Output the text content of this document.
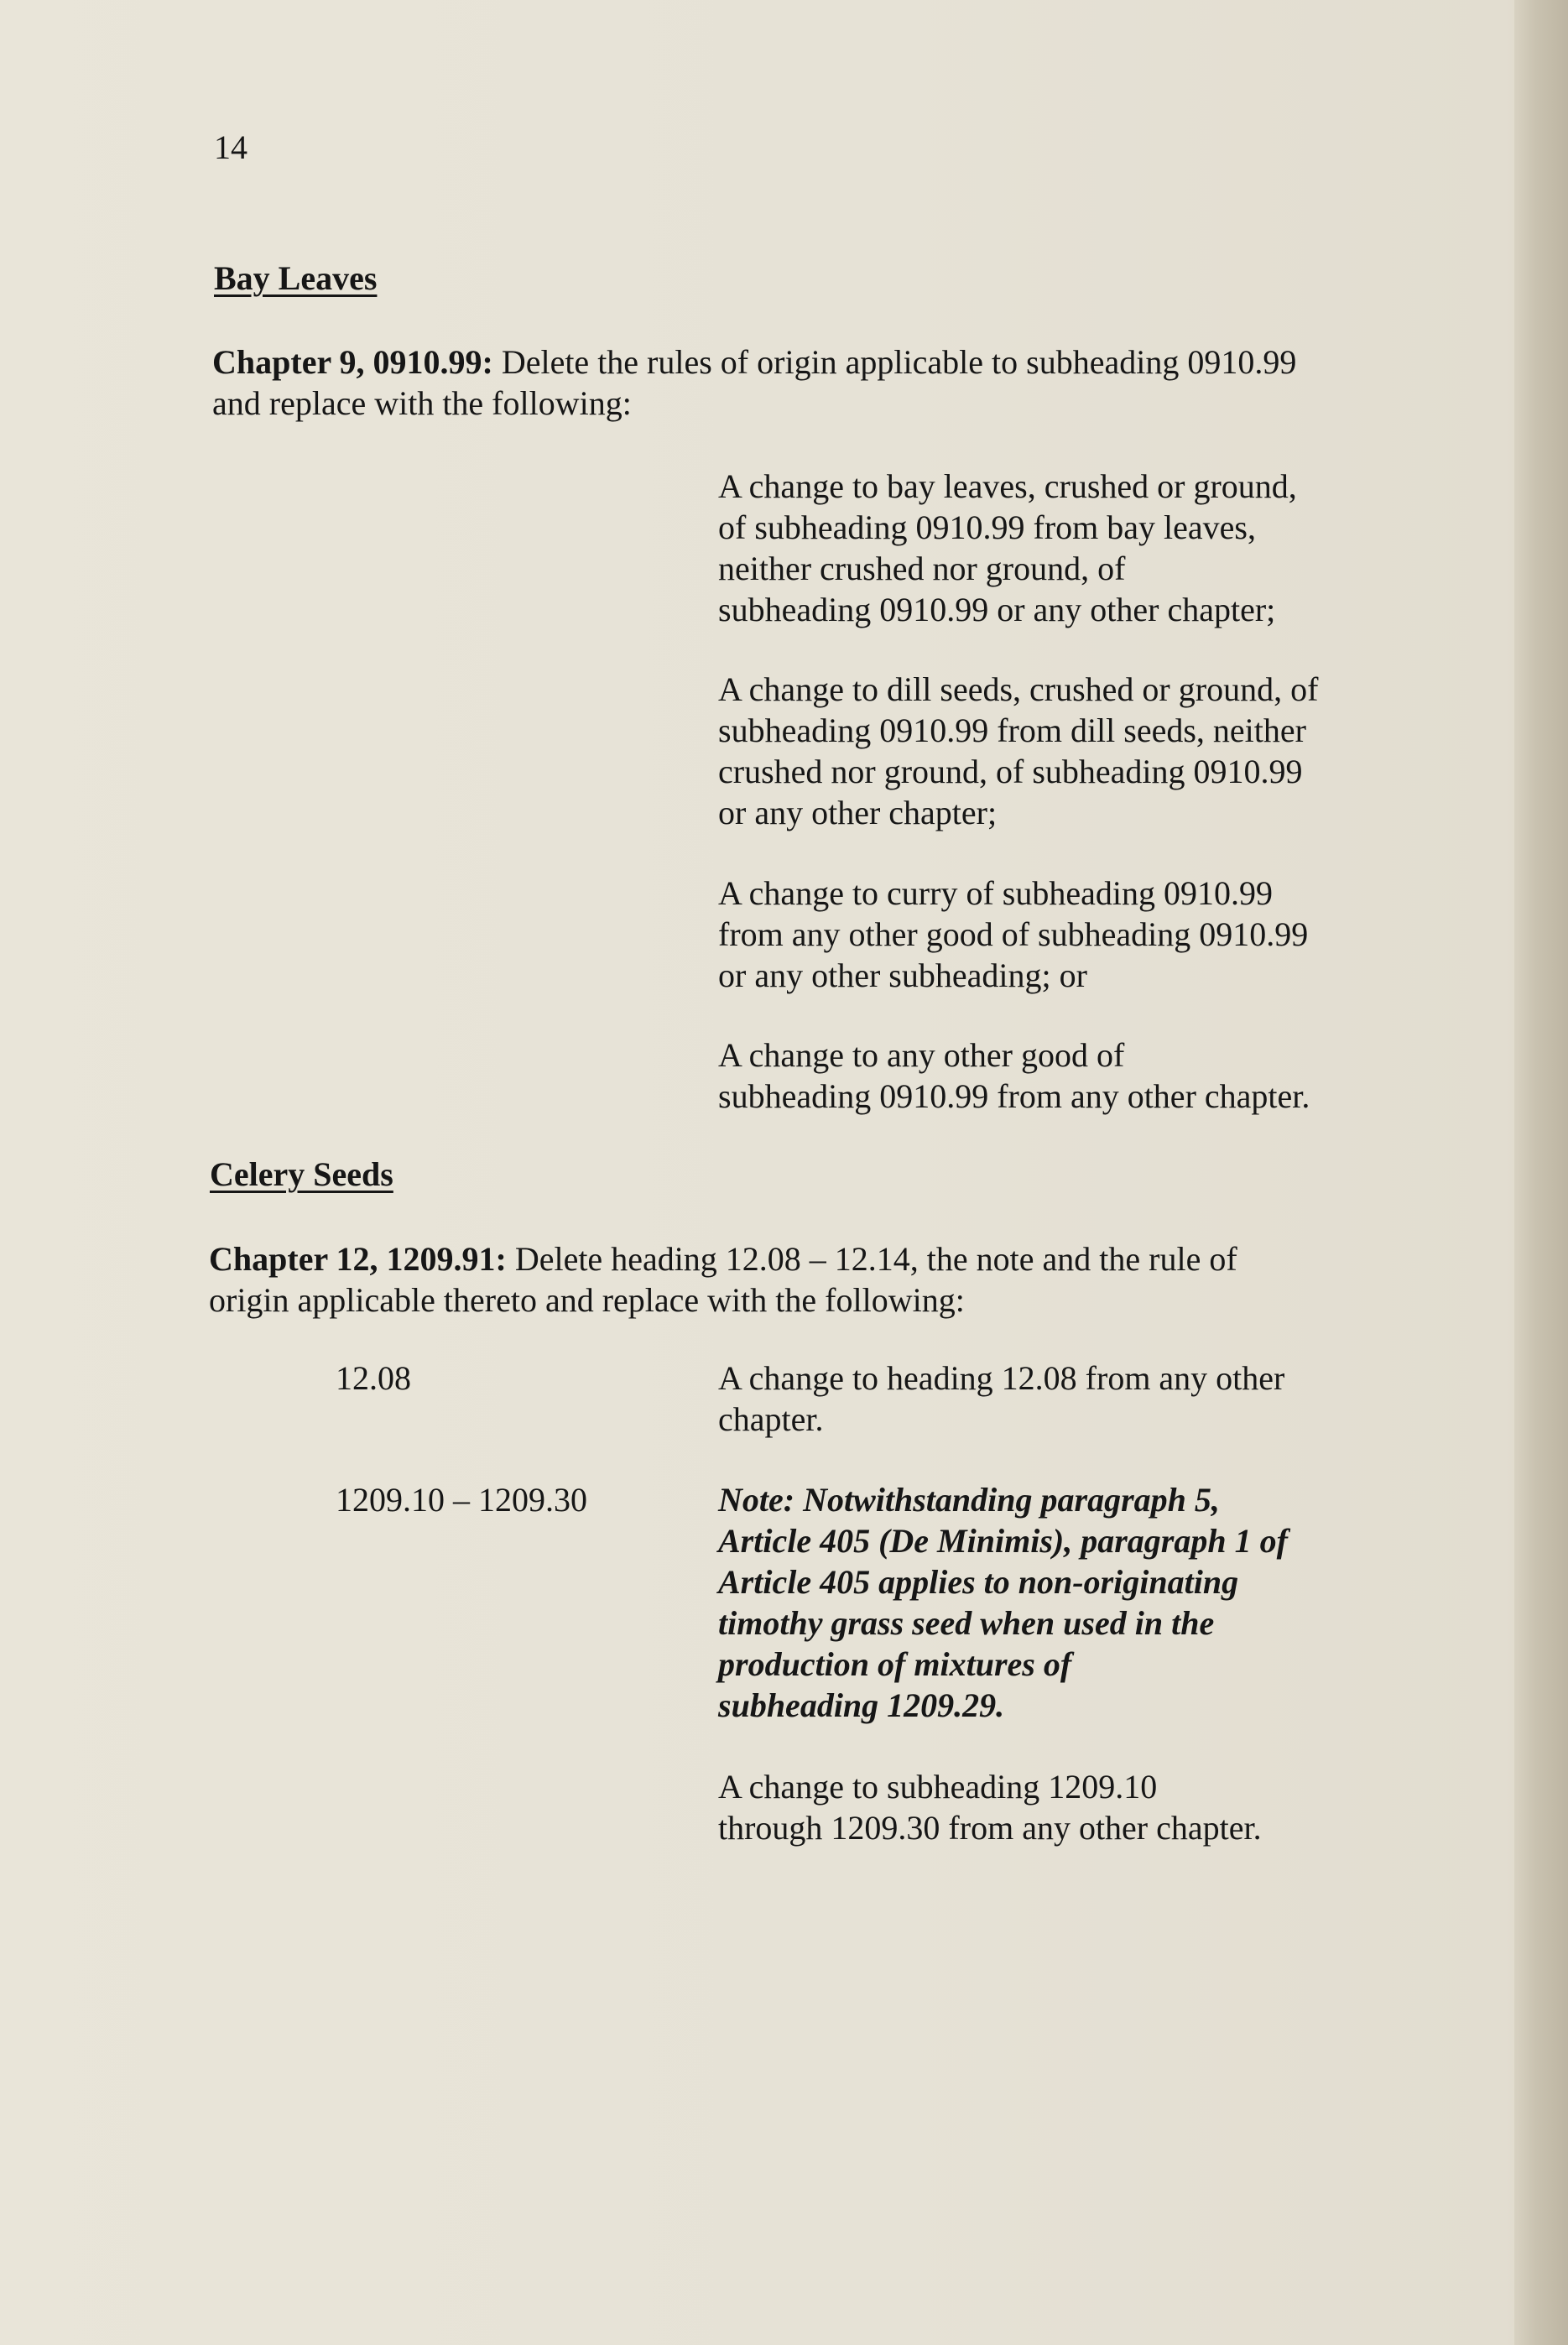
14
Bay Leaves
Chapter 9, 0910.99: Delete the rules of origin applicable to subheading 0910.99
and replace with the following:
A change to bay leaves, crushed or ground,
of subheading 0910.99 from bay leaves,
neither crushed nor ground, of
subheading 0910.99 or any other chapter;
A change to dill seeds, crushed or ground, of
subheading 0910.99 from dill seeds, neither
crushed nor ground, of subheading 0910.99
or any other chapter;
A change to curry of subheading 0910.99
from any other good of subheading 0910.99
or any other subheading; or
A change to any other good of
subheading 0910.99 from any other chapter.
Celery Seeds
Chapter 12, 1209.91: Delete heading 12.08 – 12.14, the note and the rule of
origin applicable thereto and replace with the following:
12.08	A change to heading 12.08 from any other
chapter.
1209.10 – 1209.30	Note: Notwithstanding paragraph 5,
Article 405 (De Minimis), paragraph 1 of
Article 405 applies to non-originating
timothy grass seed when used in the
production of mixtures of
subheading 1209.29.
A change to subheading 1209.10
through 1209.30 from any other chapter.
